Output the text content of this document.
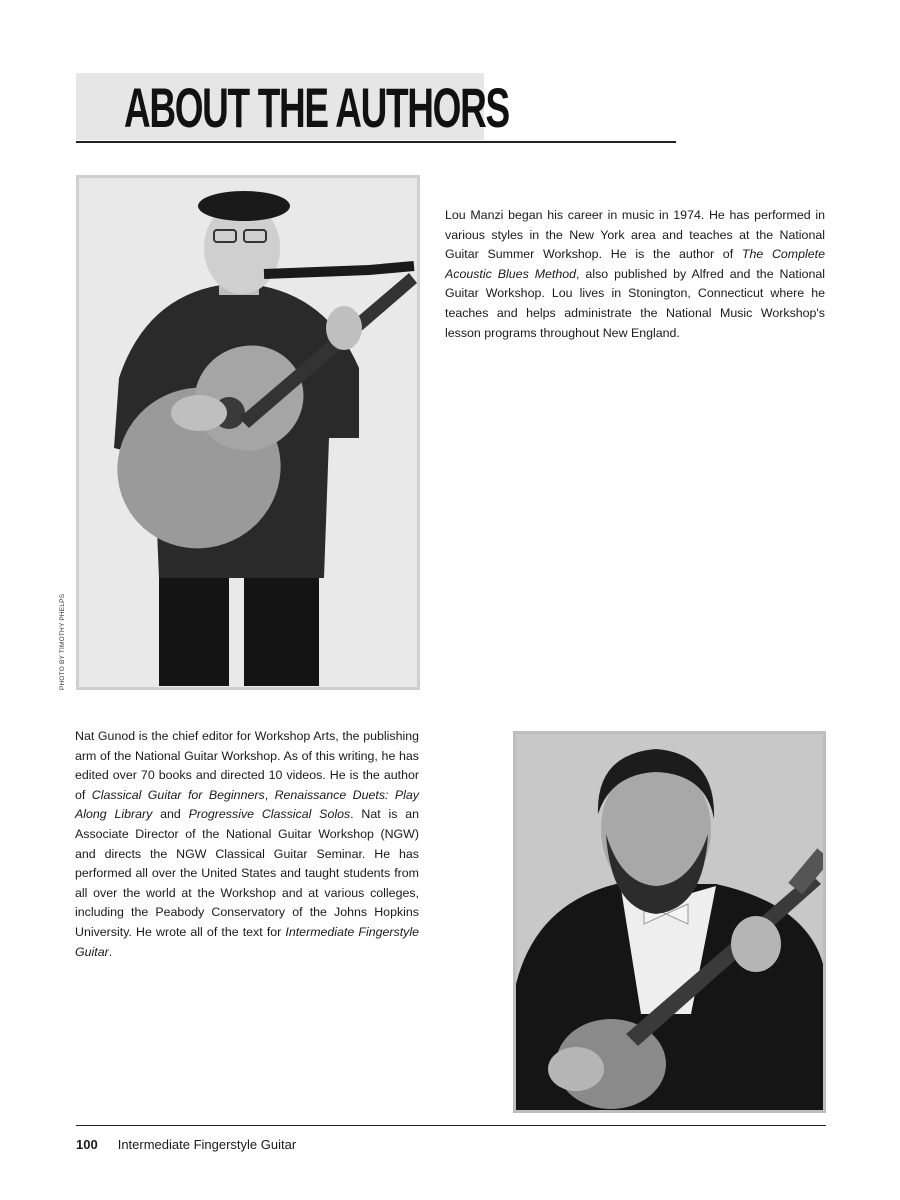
ABOUT THE AUTHORS
PHOTO BY TIMOTHY PHELPS

Lou Manzi began his career in music in 1974. He has performed in various styles in the New York area and teaches at the National Guitar Summer Workshop. He is the author of The Complete Acoustic Blues Method, also published by Alfred and the National Guitar Workshop. Lou lives in Stonington, Connecticut where he teaches and helps administrate the National Music Workshop's lesson programs throughout New England.

Nat Gunod is the chief editor for Workshop Arts, the publishing arm of the National Guitar Workshop. As of this writing, he has edited over 70 books and directed 10 videos. He is the author of Classical Guitar for Beginners, Renaissance Duets: Play Along Library and Progressive Classical Solos. Nat is an Associate Director of the National Guitar Workshop (NGW) and directs the NGW Classical Guitar Seminar. He has performed all over the United States and taught students from all over the world at the Workshop and at various colleges, including the Peabody Conservatory of the Johns Hopkins University. He wrote all of the text for Intermediate Fingerstyle Guitar.

100 Intermediate Fingerstyle Guitar
